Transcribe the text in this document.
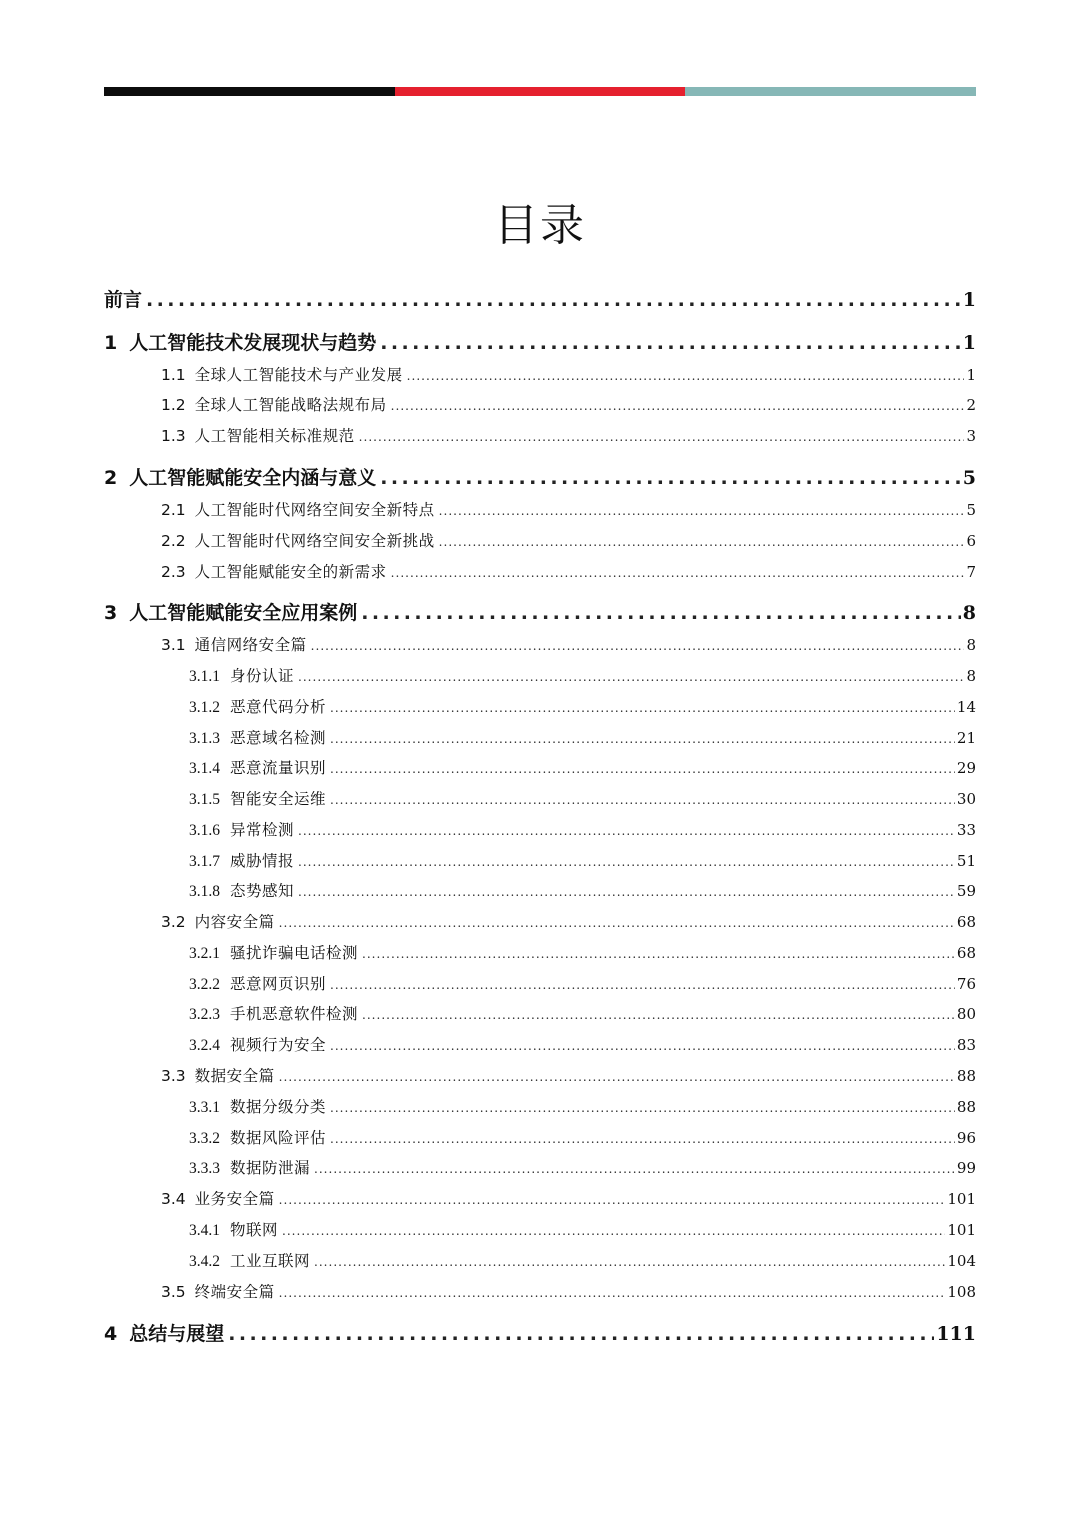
目录
前言 . . .	1
1 人工智能技术发展现状与趋势 . . .	1
1.1 全球人工智能技术与产业发展 . . .	1
1.2 全球人工智能战略法规布局 . . .	2
1.3 人工智能相关标准规范 . . .	3
2 人工智能赋能安全内涵与意义 . . .	5
2.1 人工智能时代网络空间安全新特点 . . .	5
2.2 人工智能时代网络空间安全新挑战 . . .	6
2.3 人工智能赋能安全的新需求 . . .	7
3 人工智能赋能安全应用案例 . . .	8
3.1 通信网络安全篇 . . .	8
3.1.1 身份认证 . . .	8
3.1.2 恶意代码分析 . . .	14
3.1.3 恶意域名检测 . . .	21
3.1.4 恶意流量识别 . . .	29
3.1.5 智能安全运维 . . .	30
3.1.6 异常检测 . . .	33
3.1.7 威胁情报 . . .	51
3.1.8 态势感知 . . .	59
3.2 内容安全篇 . . .	68
3.2.1 骚扰诈骗电话检测 . . .	68
3.2.2 恶意网页识别 . . .	76
3.2.3 手机恶意软件检测 . . .	80
3.2.4 视频行为安全 . . .	83
3.3 数据安全篇 . . .	88
3.3.1 数据分级分类 . . .	88
3.3.2 数据风险评估 . . .	96
3.3.3 数据防泄漏 . . .	99
3.4 业务安全篇 . . .	101
3.4.1 物联网 . . .	101
3.4.2 工业互联网 . . .	104
3.5 终端安全篇 . . .	108
4 总结与展望 . . .	111
